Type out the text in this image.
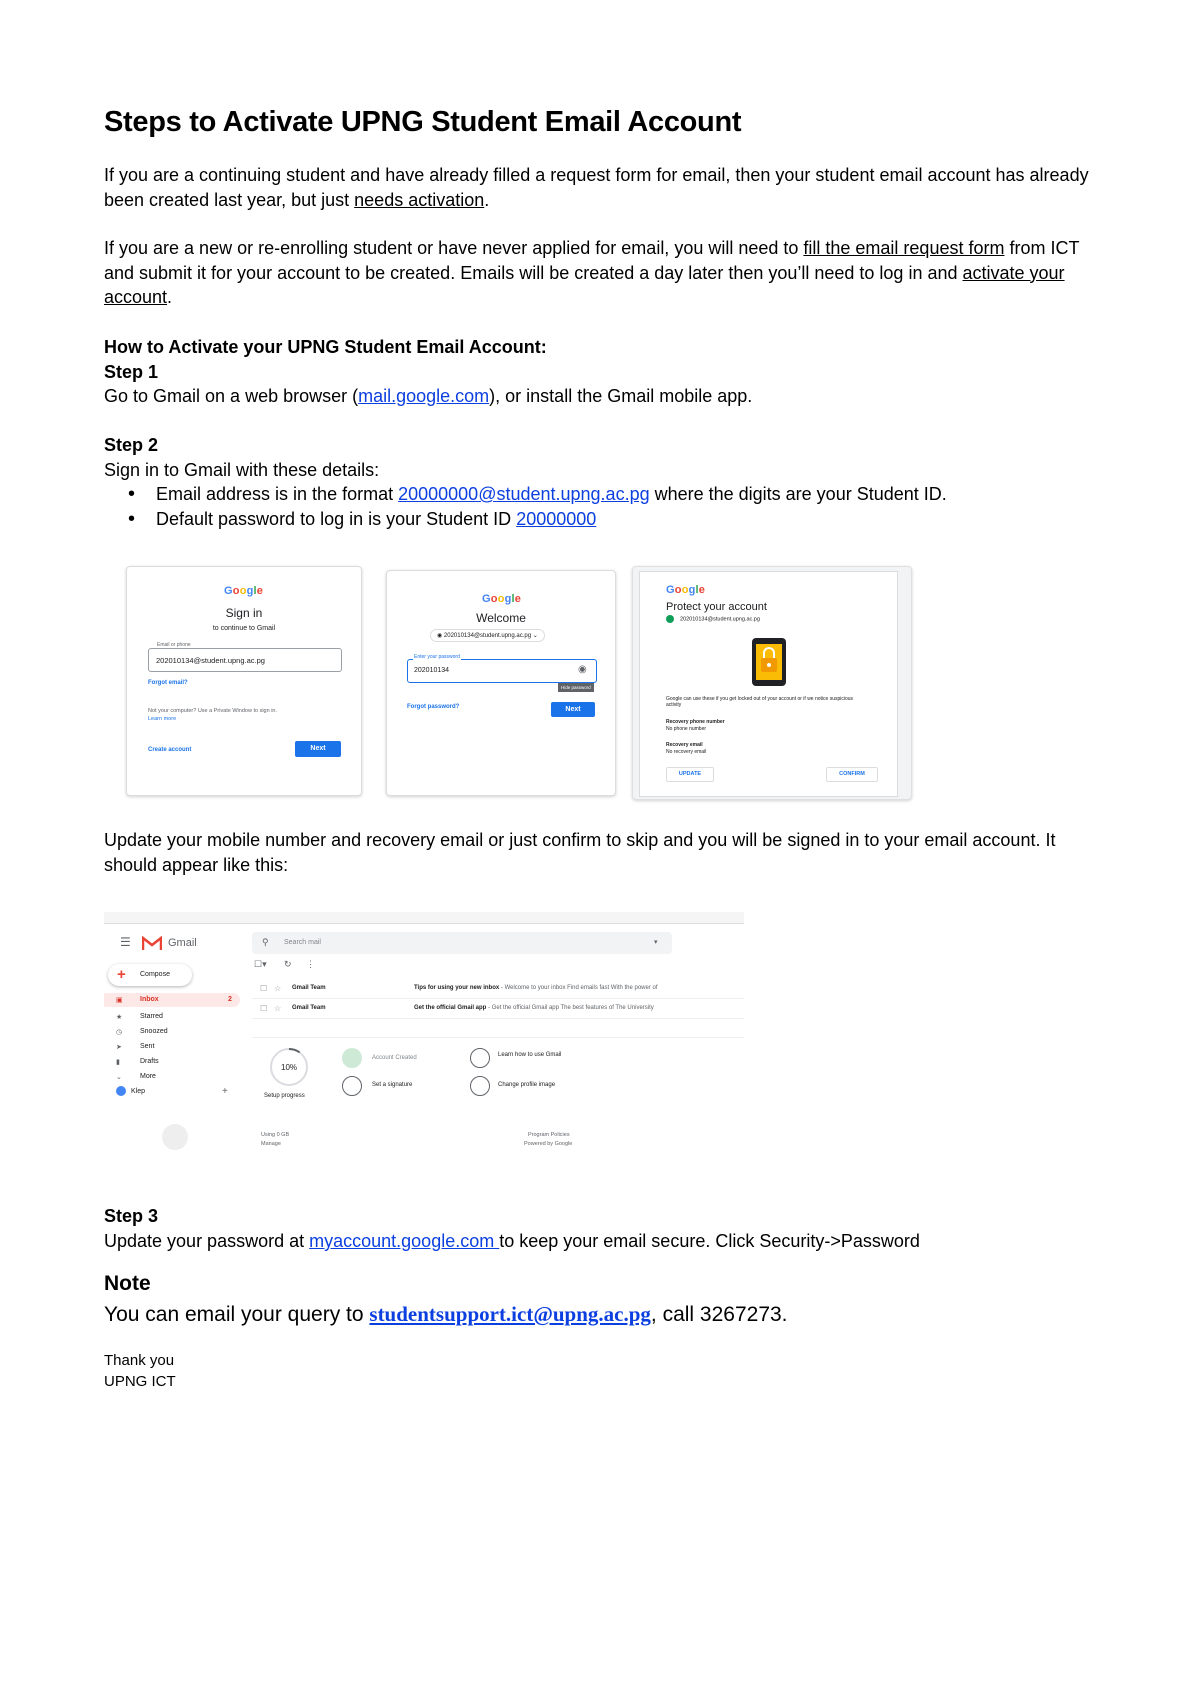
Steps to Activate UPNG Student Email Account

If you are a continuing student and have already filled a request form for email, then your student email account has already been created last year, but just needs activation.

If you are a new or re-enrolling student or have never applied for email, you will need to fill the email request form from ICT and submit it for your account to be created. Emails will be created a day later then you’ll need to log in and activate your account.

How to Activate your UPNG Student Email Account:

Step 1

Go to Gmail on a web browser (mail.google.com), or install the Gmail mobile app.

Step 2

Sign in to Gmail with these details:

• Email address is in the format 20000000@student.upng.ac.pg where the digits are your Student ID.
• Default password to log in is your Student ID 20000000
Google
Sign in
to continue to Gmail
Email or phone
202010134@student.upng.ac.pg
Forgot email?
Not your computer? Use a Private Window to sign in.
Learn more
Create account	Next
Google
Welcome
◉ 202010134@student.upng.ac.pg ⌄
Enter your password
202010134	◉
Hide password
Forgot password?	Next
Google
Protect your account
202010134@student.upng.ac.pg
Google can use these if you get locked out of your account or if we notice suspicious activity
Recovery phone number
No phone number
Recovery email
No recovery email
UPDATE	CONFIRM

Update your mobile number and recovery email or just confirm to skip and you will be signed in to your email account. It should appear like this:

☰	Gmail	⚲ Search mail	▾
+ Compose
▣ Inbox	2
★	Starred
◷	Snoozed
➤	Sent
▮	Drafts
⌄	More
Klep	+
☐▾ ↻ ⋮
☐ ☆ Gmail Team	Tips for using your new inbox - Welcome to your inbox Find emails fast With the power of
☐ ☆ Gmail Team	Get the official Gmail app - Get the official Gmail app The best features of The University
10%
Setup progress
Account Created
Set a signature
Learn how to use Gmail
Change profile image
Using 0 GB
Manage
Program Policies
Powered by Google

Step 3

Update your password at myaccount.google.com to keep your email secure. Click Security->Password

Note

You can email your query to studentsupport.ict@upng.ac.pg, call 3267273.

Thank you

UPNG ICT
